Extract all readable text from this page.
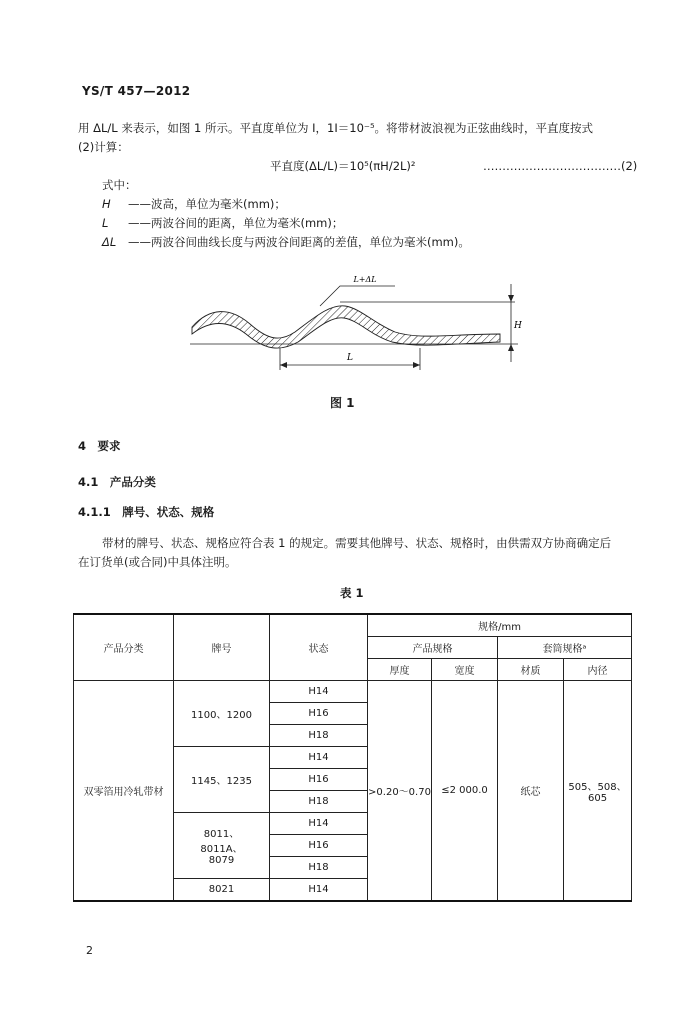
YS/T 457—2012
用 ΔL/L 来表示，如图 1 所示。平直度单位为 I，1I＝10⁻⁵。将带材波浪视为正弦曲线时，平直度按式
(2)计算：
平直度(ΔL/L)＝10⁵(πH/2L)²	………………………………(2)
式中：
H ——波高，单位为毫米(mm)；
L ——两波谷间的距离，单位为毫米(mm)；
ΔL ——两波谷间曲线长度与两波谷间距离的差值，单位为毫米(mm)。
L+ΔL
H
L
图 1
4　要求
4.1　产品分类
4.1.1　牌号、状态、规格
带材的牌号、状态、规格应符合表 1 的规定。需要其他牌号、状态、规格时，由供需双方协商确定后
在订货单(或合同)中具体注明。
表 1
产品分类	牌号	状态	规格/mm			
			产品规格		套筒规格ᵃ	
			厚度	宽度	材质	内径
双零箔用冷轧带材	1100、1200	H14	>0.20～0.70	≤2 000.0	纸芯	505、508、605
		H16				
		H18				
	1145、1235	H14				
		H16				
		H18				
	8011、8011A、8079	H14				
		H16				
		H18				
	8021	H14				
2
